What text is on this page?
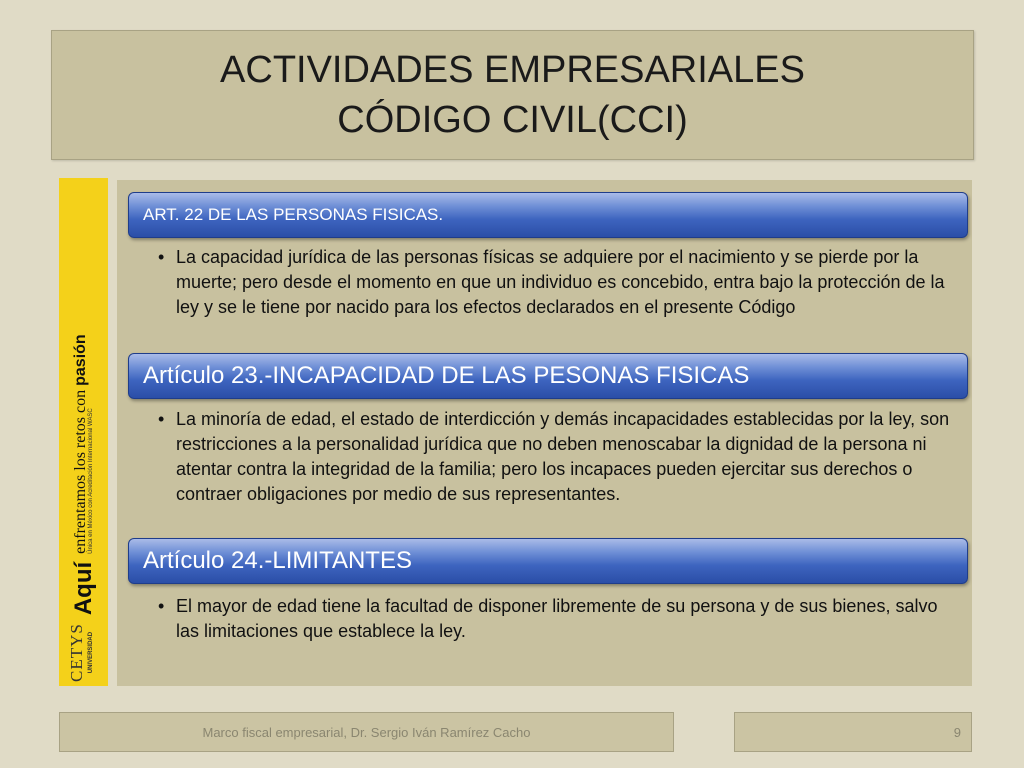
ACTIVIDADES EMPRESARIALES
CÓDIGO CIVIL(CCI)
CETYS UNIVERSIDAD
Aquí
enfrentamos los retos con pasión
Única en México con Acreditación Internacional WASC
ART. 22 DE LAS PERSONAS FISICAS.
• La capacidad jurídica de las personas físicas se adquiere por el nacimiento y se pierde por la muerte; pero desde el momento en que un individuo es concebido, entra bajo la protección de la ley y se le tiene por nacido para los efectos declarados en el presente Código
Artículo 23.-INCAPACIDAD DE LAS PESONAS FISICAS
• La minoría de edad, el estado de interdicción y demás incapacidades establecidas por la ley, son restricciones a la personalidad jurídica que no deben menoscabar la dignidad de la persona ni atentar contra la integridad de la familia; pero los incapaces pueden ejercitar sus derechos o contraer obligaciones por medio de sus representantes.
Artículo 24.-LIMITANTES
• El mayor de edad tiene la facultad de disponer libremente de su persona y de sus bienes, salvo las limitaciones que establece la ley.
Marco fiscal empresarial, Dr. Sergio Iván Ramírez Cacho	9
